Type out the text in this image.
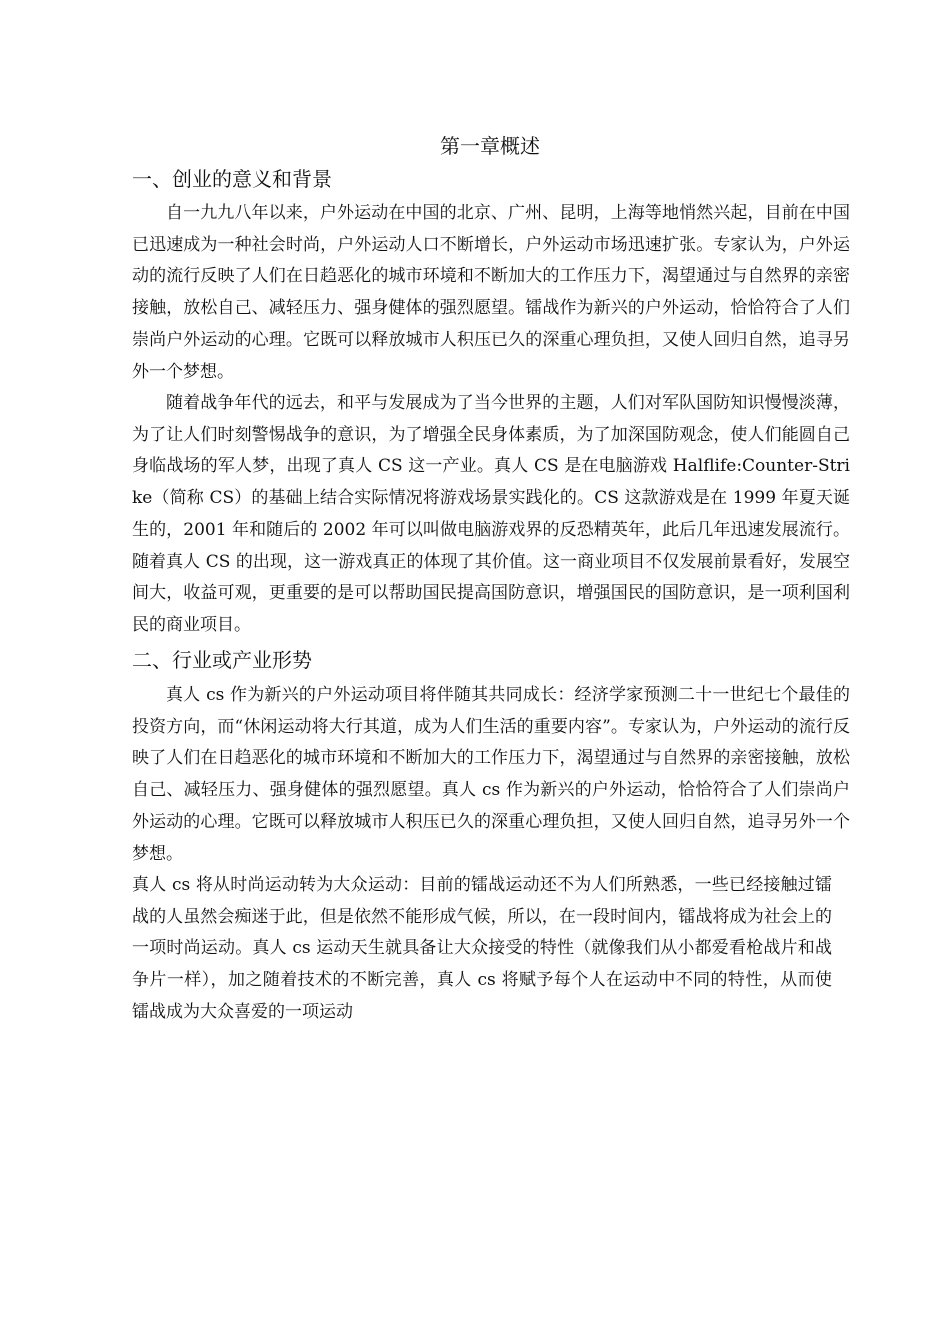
第一章概述
一、创业的意义和背景

自一九九八年以来，户外运动在中国的北京、广州、昆明，上海等地悄然兴起，目前在中国已迅速成为一种社会时尚，户外运动人口不断增长，户外运动市场迅速扩张。专家认为，户外运动的流行反映了人们在日趋恶化的城市环境和不断加大的工作压力下，渴望通过与自然界的亲密接触，放松自己、减轻压力、强身健体的强烈愿望。镭战作为新兴的户外运动，恰恰符合了人们崇尚户外运动的心理。它既可以释放城市人积压已久的深重心理负担，又使人回归自然，追寻另外一个梦想。

随着战争年代的远去，和平与发展成为了当今世界的主题，人们对军队国防知识慢慢淡薄，为了让人们时刻警惕战争的意识，为了增强全民身体素质，为了加深国防观念，使人们能圆自己身临战场的军人梦，出现了真人 CS 这一产业。真人 CS 是在电脑游戏 Halflife:Counter-Strike（简称 CS）的基础上结合实际情况将游戏场景实践化的。CS 这款游戏是在 1999 年夏天诞生的，2001 年和随后的 2002 年可以叫做电脑游戏界的反恐精英年，此后几年迅速发展流行。随着真人 CS 的出现，这一游戏真正的体现了其价值。这一商业项目不仅发展前景看好，发展空间大，收益可观，更重要的是可以帮助国民提高国防意识，增强国民的国防意识，是一项利国利民的商业项目。

二、行业或产业形势

真人 cs 作为新兴的户外运动项目将伴随其共同成长：经济学家预测二十一世纪七个最佳的投资方向，而“休闲运动将大行其道，成为人们生活的重要内容”。专家认为，户外运动的流行反映了人们在日趋恶化的城市环境和不断加大的工作压力下，渴望通过与自然界的亲密接触，放松自己、减轻压力、强身健体的强烈愿望。真人 cs 作为新兴的户外运动，恰恰符合了人们崇尚户外运动的心理。它既可以释放城市人积压已久的深重心理负担，又使人回归自然，追寻另外一个梦想。

真人 cs 将从时尚运动转为大众运动：目前的镭战运动还不为人们所熟悉，一些已经接触过镭战的人虽然会痴迷于此，但是依然不能形成气候，所以，在一段时间内，镭战将成为社会上的一项时尚运动。真人 cs 运动天生就具备让大众接受的特性（就像我们从小都爱看枪战片和战争片一样），加之随着技术的不断完善，真人 cs 将赋予每个人在运动中不同的特性，从而使镭战成为大众喜爱的一项运动
